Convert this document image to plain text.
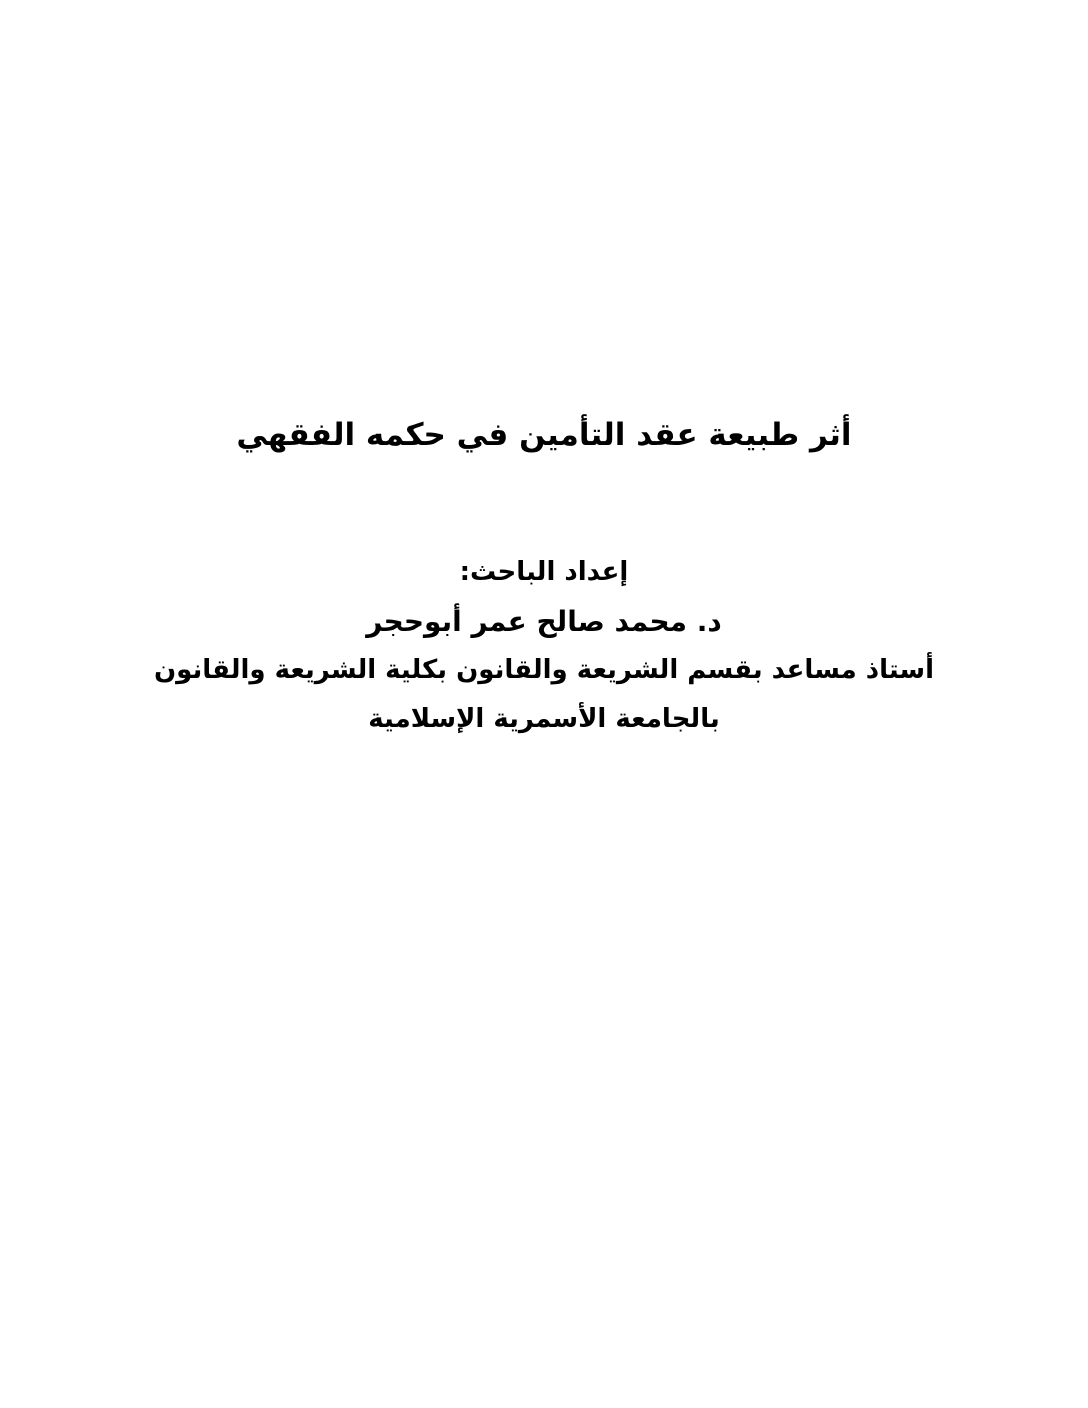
أثر طبيعة عقد التأمين في حكمه الفقهي
إعداد الباحث:
د. محمد صالح عمر أبوحجر
أستاذ مساعد بقسم الشريعة والقانون بكلية الشريعة والقانون
بالجامعة الأسمرية الإسلامية
